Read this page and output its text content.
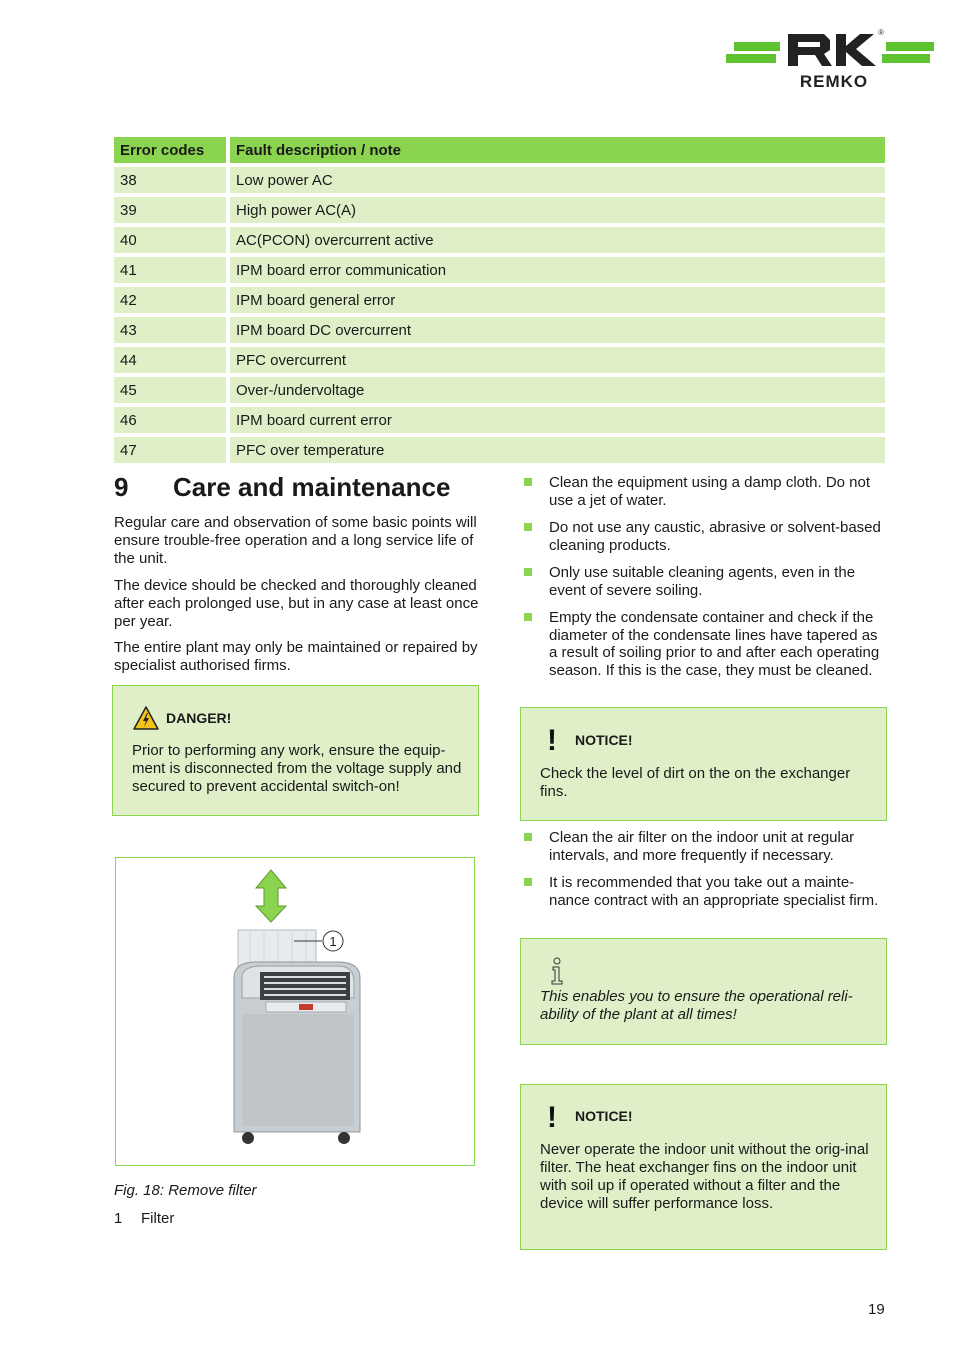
®
REMKO
Error codes	Fault description / note
38	Low power AC
39	High power AC(A)
40	AC(PCON) overcurrent active
41	IPM board error communication
42	IPM board general error
43	IPM board DC overcurrent
44	PFC overcurrent
45	Over-/undervoltage
46	IPM board current error
47	PFC over temperature
9 Care and maintenance
Regular care and observation of some basic points will ensure trouble-free operation and a long service life of the unit.
The device should be checked and thoroughly cleaned after each prolonged use, but in any case at least once per year.
The entire plant may only be maintained or repaired by specialist authorised firms.
DANGER!
Prior to performing any work, ensure the equip-ment is disconnected from the voltage supply and secured to prevent accidental switch-on!
1
Fig. 18: Remove filter
1 Filter
Clean the equipment using a damp cloth. Do not use a jet of water.
Do not use any caustic, abrasive or solvent-based cleaning products.
Only use suitable cleaning agents, even in the event of severe soiling.
Empty the condensate container and check if the diameter of the condensate lines have tapered as a result of soiling prior to and after each operating season. If this is the case, they must be cleaned.
! NOTICE!
Check the level of dirt on the on the exchanger fins.
Clean the air filter on the indoor unit at regular intervals, and more frequently if necessary.
It is recommended that you take out a mainte-nance contract with an appropriate specialist firm.
This enables you to ensure the operational reli-ability of the plant at all times!
! NOTICE!
Never operate the indoor unit without the orig-inal filter. The heat exchanger fins on the indoor unit with soil up if operated without a filter and the device will suffer performance loss.
19
